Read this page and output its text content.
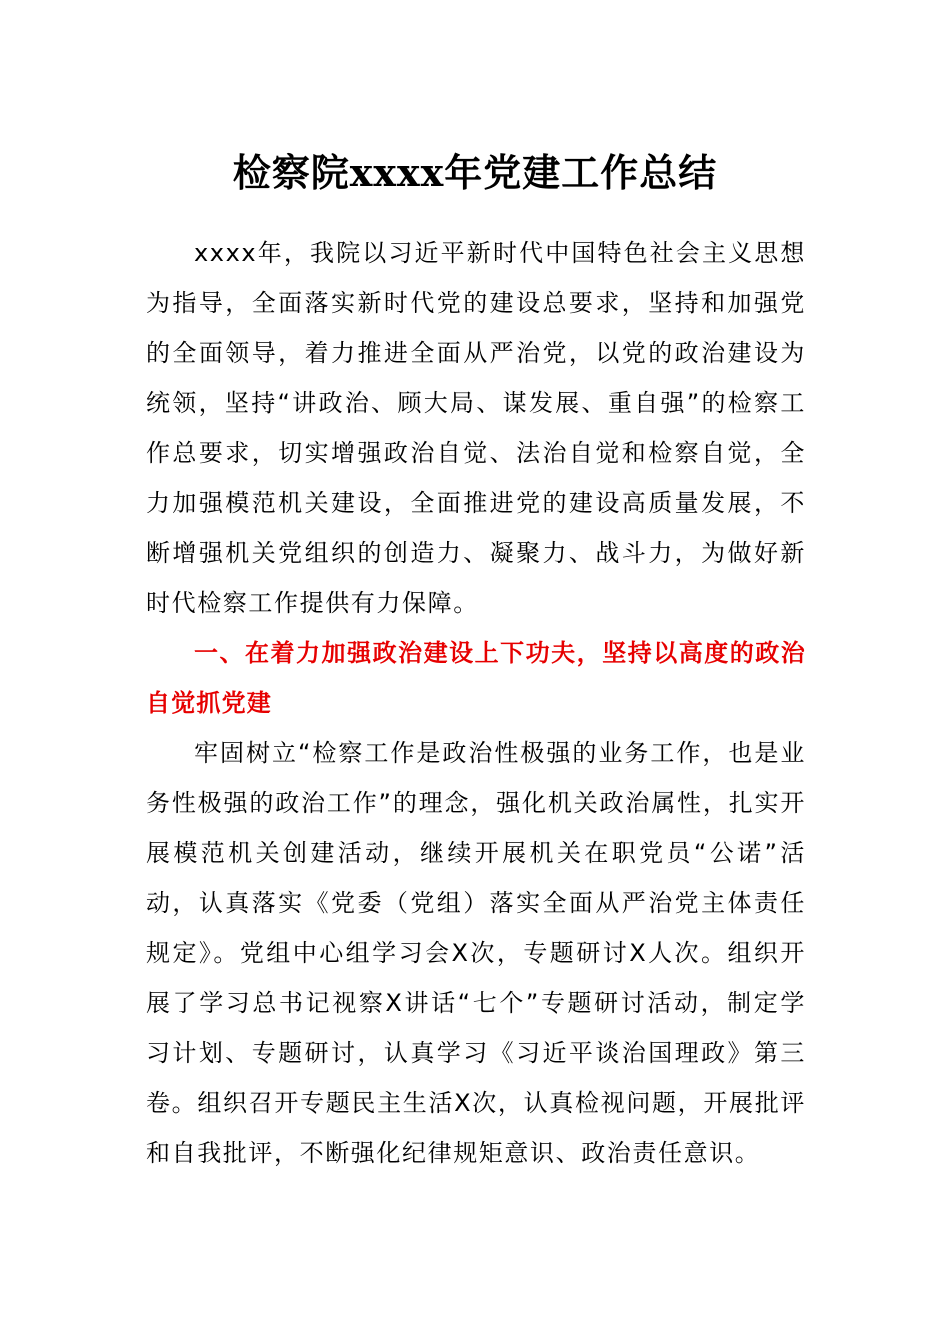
检察院xxxx年党建工作总结

xxxx年，我院以习近平新时代中国特色社会主义思想为指导，全面落实新时代党的建设总要求，坚持和加强党的全面领导，着力推进全面从严治党，以党的政治建设为统领，坚持“讲政治、顾大局、谋发展、重自强”的检察工作总要求，切实增强政治自觉、法治自觉和检察自觉，全力加强模范机关建设，全面推进党的建设高质量发展，不断增强机关党组织的创造力、凝聚力、战斗力，为做好新时代检察工作提供有力保障。

一、在着力加强政治建设上下功夫，坚持以高度的政治自觉抓党建

牢固树立“检察工作是政治性极强的业务工作，也是业务性极强的政治工作”的理念，强化机关政治属性，扎实开展模范机关创建活动，继续开展机关在职党员“公诺”活动，认真落实《党委（党组）落实全面从严治党主体责任规定》。党组中心组学习会X次，专题研讨X人次。组织开展了学习总书记视察X讲话“七个”专题研讨活动，制定学习计划、专题研讨，认真学习《习近平谈治国理政》第三卷。组织召开专题民主生活X次，认真检视问题，开展批评和自我批评，不断强化纪律规矩意识、政治责任意识。
